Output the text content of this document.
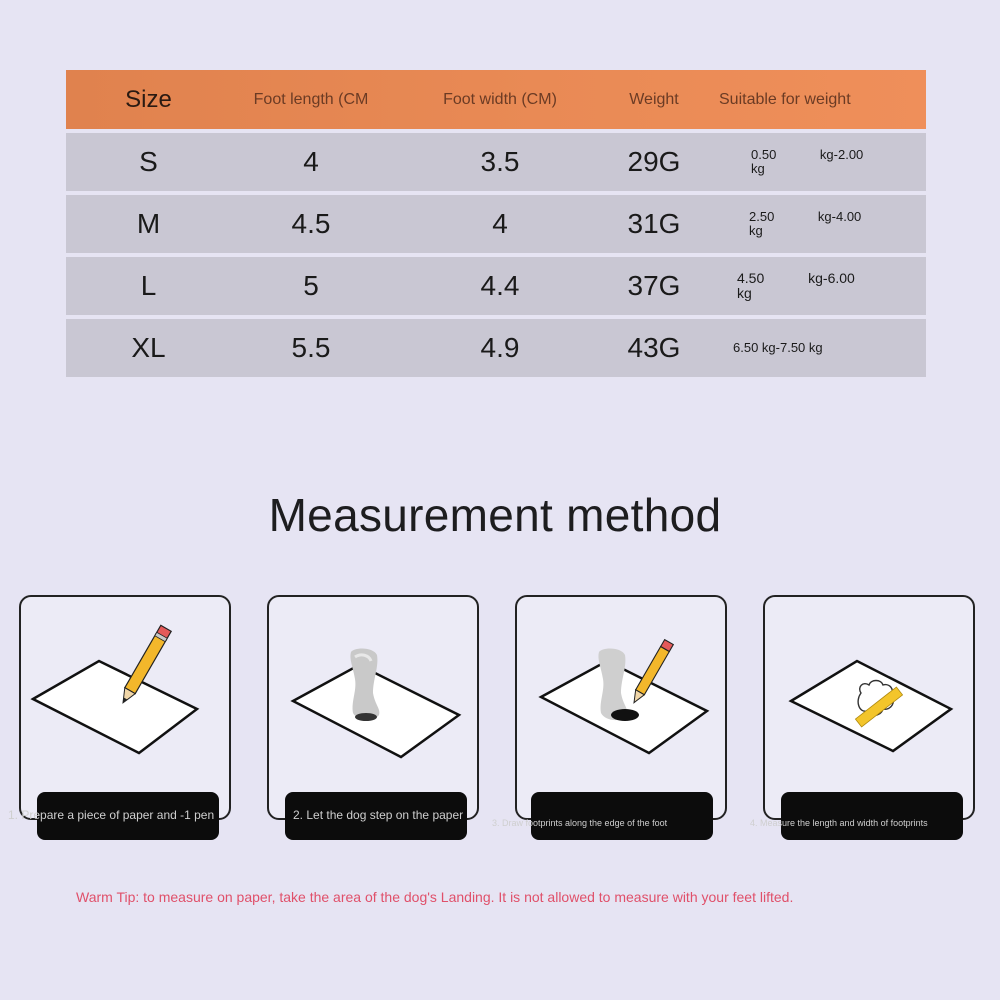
Size	Foot length (CM	Foot width (CM)	Weight	Suitable for weight
S	4	3.5	29G	0.50 kg-2.00 kg
M	4.5	4	31G	2.50 kg-4.00 kg
L	5	4.4	37G	4.50 kg-6.00 kg
XL	5.5	4.9	43G	6.50 kg-7.50 kg
Measurement method
1. Prepare a piece of paper and -1 pen	2. Let the dog step on the paper
3. Draw footprints along the edge of the foot	4. Measure the length and width of footprints
Warm Tip: to measure on paper, take the area of the dog's Landing. It is not allowed to measure with your feet lifted.
